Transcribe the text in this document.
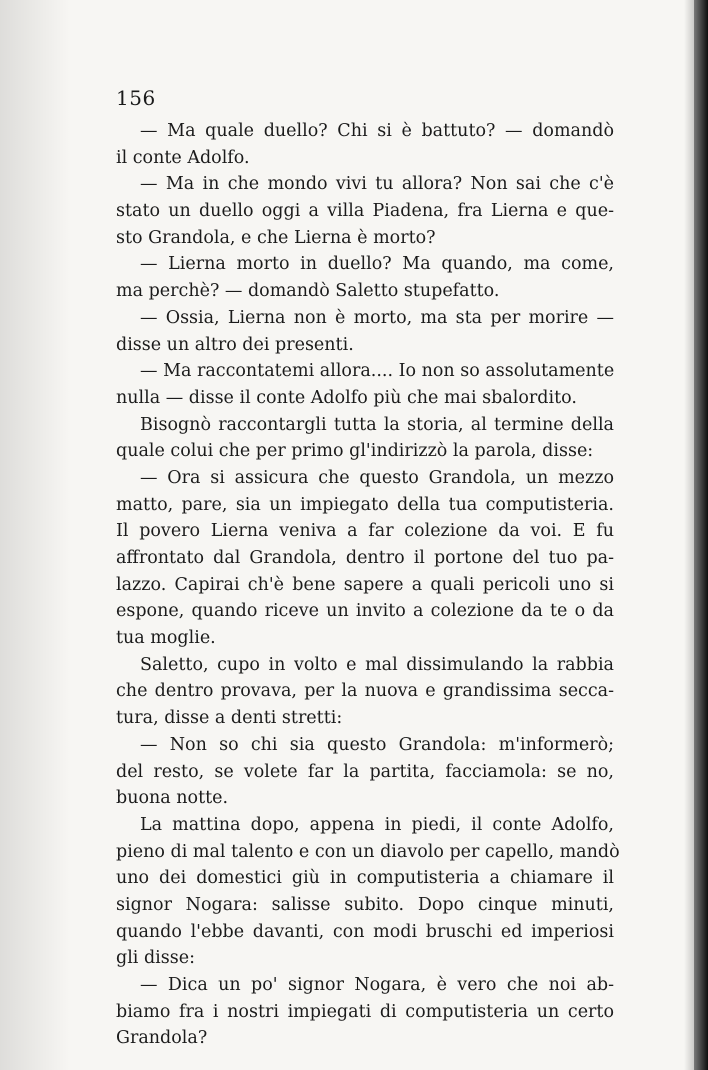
156
— Ma quale duello? Chi si è battuto? — domandò
il conte Adolfo.
— Ma in che mondo vivi tu allora? Non sai che c'è
stato un duello oggi a villa Piadena, fra Lierna e que-
sto Grandola, e che Lierna è morto?
— Lierna morto in duello? Ma quando, ma come,
ma perchè? — domandò Saletto stupefatto.
— Ossia, Lierna non è morto, ma sta per morire —
disse un altro dei presenti.
— Ma raccontatemi allora.... Io non so assolutamente
nulla — disse il conte Adolfo più che mai sbalordito.
Bisognò raccontargli tutta la storia, al termine della
quale colui che per primo gl'indirizzò la parola, disse:
— Ora si assicura che questo Grandola, un mezzo
matto, pare, sia un impiegato della tua computisteria.
Il povero Lierna veniva a far colezione da voi. E fu
affrontato dal Grandola, dentro il portone del tuo pa-
lazzo. Capirai ch'è bene sapere a quali pericoli uno si
espone, quando riceve un invito a colezione da te o da
tua moglie.
Saletto, cupo in volto e mal dissimulando la rabbia
che dentro provava, per la nuova e grandissima secca-
tura, disse a denti stretti:
— Non so chi sia questo Grandola: m'informerò;
del resto, se volete far la partita, facciamola: se no,
buona notte.
La mattina dopo, appena in piedi, il conte Adolfo,
pieno di mal talento e con un diavolo per capello, mandò
uno dei domestici giù in computisteria a chiamare il
signor Nogara: salisse subito. Dopo cinque minuti,
quando l'ebbe davanti, con modi bruschi ed imperiosi
gli disse:
— Dica un po' signor Nogara, è vero che noi ab-
biamo fra i nostri impiegati di computisteria un certo
Grandola?
